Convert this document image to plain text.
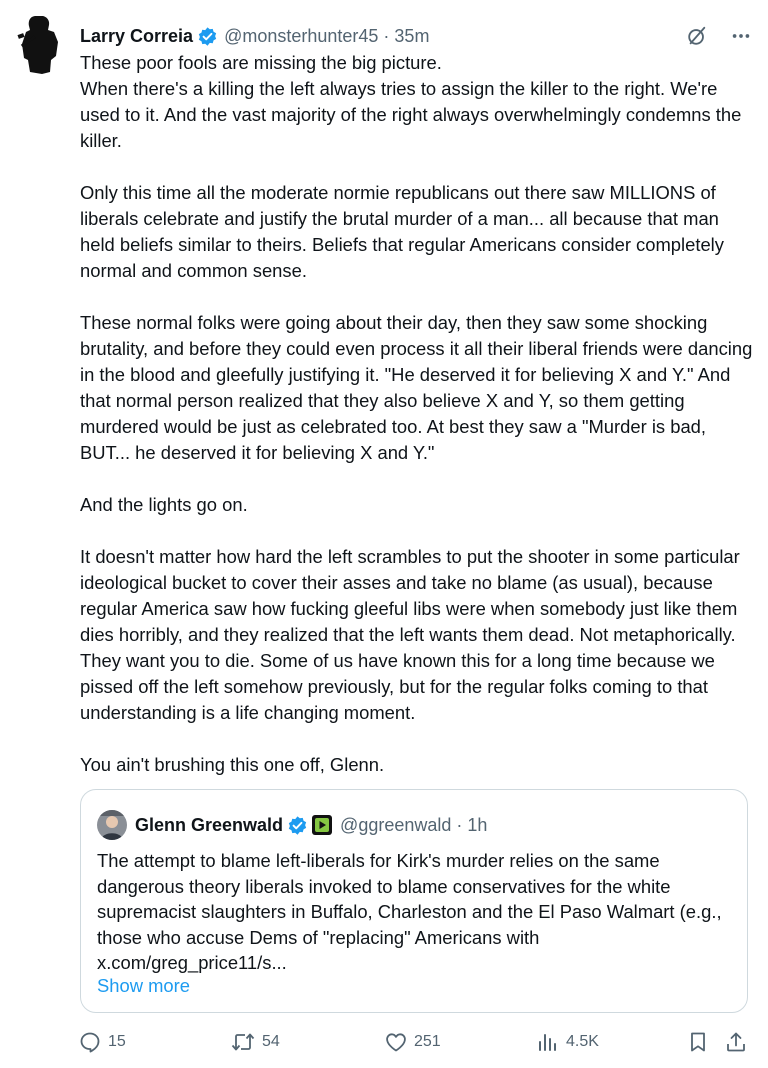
Larry Correia @monsterhunter45 · 35m

These poor fools are missing the big picture.
When there's a killing the left always tries to assign the killer to the right. We're used to it. And the vast majority of the right always overwhelmingly condemns the killer.

Only this time all the moderate normie republicans out there saw MILLIONS of liberals celebrate and justify the brutal murder of a man... all because that man held beliefs similar to theirs. Beliefs that regular Americans consider completely normal and common sense.

These normal folks were going about their day, then they saw some shocking brutality, and before they could even process it all their liberal friends were dancing in the blood and gleefully justifying it. "He deserved it for believing X and Y." And that normal person realized that they also believe X and Y, so them getting murdered would be just as celebrated too. At best they saw a "Murder is bad, BUT... he deserved it for believing X and Y."

And the lights go on.

It doesn't matter how hard the left scrambles to put the shooter in some particular ideological bucket to cover their asses and take no blame (as usual), because regular America saw how fucking gleeful libs were when somebody just like them dies horribly, and they realized that the left wants them dead. Not metaphorically. They want you to die. Some of us have known this for a long time because we pissed off the left somehow previously, but for the regular folks coming to that understanding is a life changing moment.

You ain't brushing this one off, Glenn.

Glenn Greenwald	@ggreenwald · 1h
The attempt to blame left-liberals for Kirk's murder relies on the same dangerous theory liberals invoked to blame conservatives for the white supremacist slaughters in Buffalo, Charleston and the El Paso Walmart (e.g., those who accuse Dems of "replacing" Americans with x.com/greg_price11/s...
Show more
15	54	251	4.5K
